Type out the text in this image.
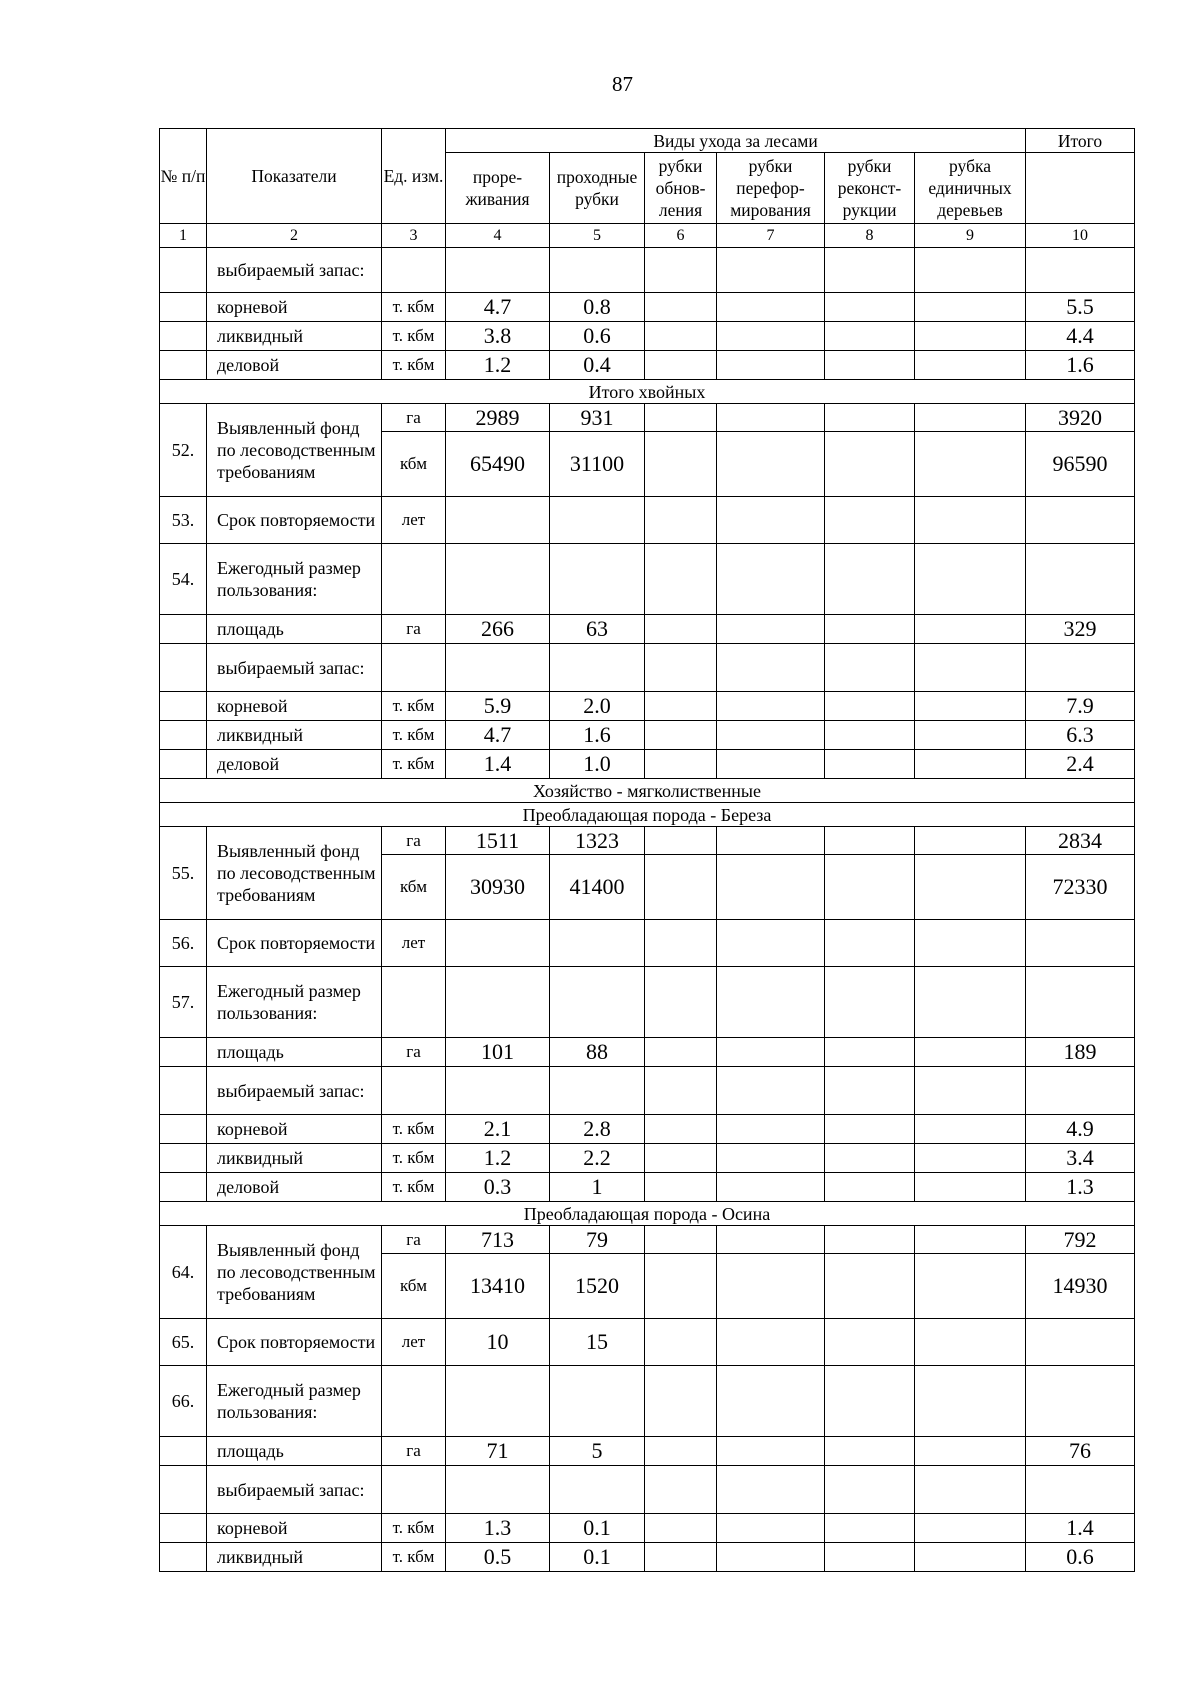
87
№ п/п	Показатели	Ед. изм.	Виды ухода за лесами						Итого
			проре-живания	проходные рубки	рубки обнов-ления	рубки перефор-мирования	рубки реконст-рукции	рубка единичных деревьев	
1	2	3	4	5	6	7	8	9	10
	выбираемый запас:								
	корневой	т. кбм	4.7	0.8					5.5
	ликвидный	т. кбм	3.8	0.6					4.4
	деловой	т. кбм	1.2	0.4					1.6
Итого хвойных									
52.	Выявленный фонд по лесоводственным требованиям	га	2989	931					3920
		кбм	65490	31100					96590
53.	Срок повторяемости	лет							
54.	Ежегодный размер пользования:								
	площадь	га	266	63					329
	выбираемый запас:								
	корневой	т. кбм	5.9	2.0					7.9
	ликвидный	т. кбм	4.7	1.6					6.3
	деловой	т. кбм	1.4	1.0					2.4
Хозяйство - мягколиственные									
Преобладающая порода - Береза									
55.	Выявленный фонд по лесоводственным требованиям	га	1511	1323					2834
		кбм	30930	41400					72330
56.	Срок повторяемости	лет							
57.	Ежегодный размер пользования:								
	площадь	га	101	88					189
	выбираемый запас:								
	корневой	т. кбм	2.1	2.8					4.9
	ликвидный	т. кбм	1.2	2.2					3.4
	деловой	т. кбм	0.3	1					1.3
Преобладающая порода - Осина									
64.	Выявленный фонд по лесоводственным требованиям	га	713	79					792
		кбм	13410	1520					14930
65.	Срок повторяемости	лет	10	15					
66.	Ежегодный размер пользования:								
	площадь	га	71	5					76
	выбираемый запас:								
	корневой	т. кбм	1.3	0.1					1.4
	ликвидный	т. кбм	0.5	0.1					0.6
